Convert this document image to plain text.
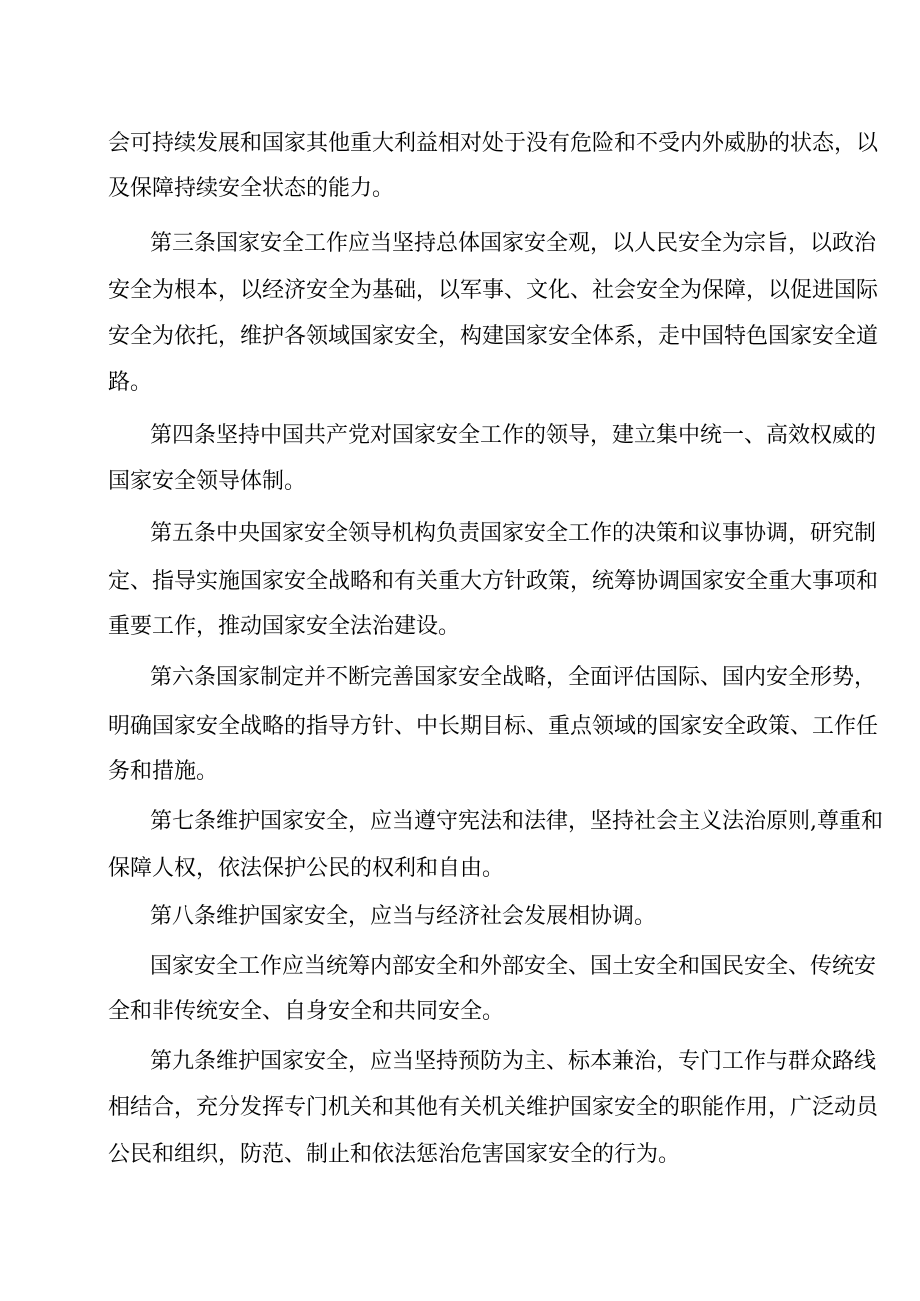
会可持续发展和国家其他重大利益相对处于没有危险和不受内外威胁的状态，以

及保障持续安全状态的能力。

第三条国家安全工作应当坚持总体国家安全观，以人民安全为宗旨，以政治

安全为根本，以经济安全为基础，以军事、文化、社会安全为保障，以促进国际

安全为依托，维护各领域国家安全，构建国家安全体系，走中国特色国家安全道

路。

第四条坚持中国共产党对国家安全工作的领导，建立集中统一、高效权威的

国家安全领导体制。

第五条中央国家安全领导机构负责国家安全工作的决策和议事协调，研究制

定、指导实施国家安全战略和有关重大方针政策，统筹协调国家安全重大事项和

重要工作，推动国家安全法治建设。

第六条国家制定并不断完善国家安全战略，全面评估国际、国内安全形势，

明确国家安全战略的指导方针、中长期目标、重点领域的国家安全政策、工作任

务和措施。

第七条维护国家安全，应当遵守宪法和法律，坚持社会主义法治原则,尊重和

保障人权，依法保护公民的权利和自由。

第八条维护国家安全，应当与经济社会发展相协调。

国家安全工作应当统筹内部安全和外部安全、国土安全和国民安全、传统安

全和非传统安全、自身安全和共同安全。

第九条维护国家安全，应当坚持预防为主、标本兼治，专门工作与群众路线

相结合，充分发挥专门机关和其他有关机关维护国家安全的职能作用，广泛动员

公民和组织，防范、制止和依法惩治危害国家安全的行为。
